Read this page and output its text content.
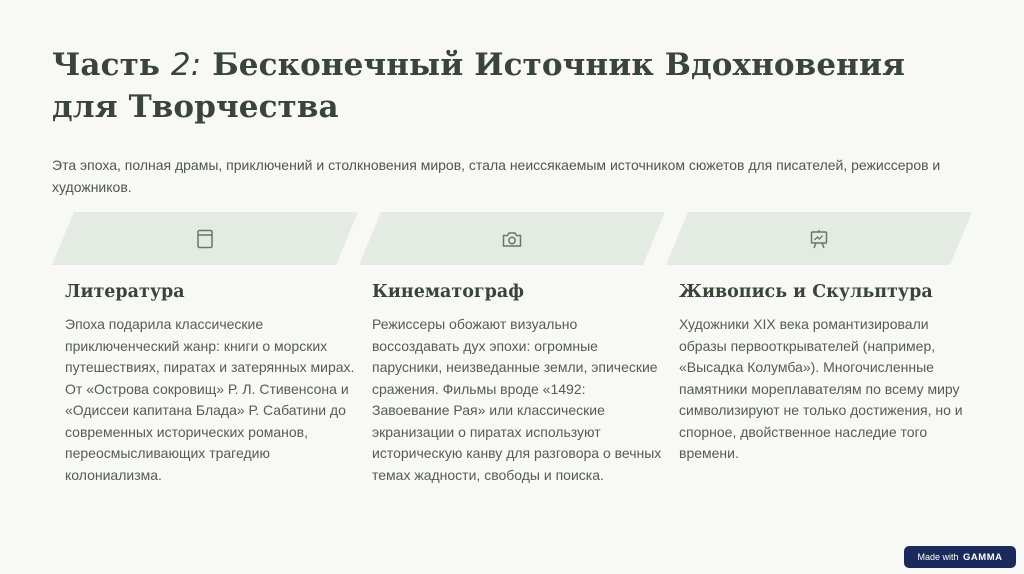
Часть 2: Бесконечный Источник Вдохновения для Творчества

Эта эпоха, полная драмы, приключений и столкновения миров, стала неиссякаемым источником сюжетов для писателей, режиссеров и художников.

Литература

Эпоха подарила классические приключенческий жанр: книги о морских путешествиях, пиратах и затерянных мирах. От «Острова сокровищ» Р. Л. Стивенсона и «Одиссеи капитана Блада» Р. Сабатини до современных исторических романов, переосмысливающих трагедию колониализма.

Кинематограф

Режиссеры обожают визуально воссоздавать дух эпохи: огромные парусники, неизведанные земли, эпические сражения. Фильмы вроде «1492: Завоевание Рая» или классические экранизации о пиратах используют историческую канву для разговора о вечных темах жадности, свободы и поиска.

Живопись и Скульптура

Художники XIX века романтизировали образы первооткрывателей (например, «Высадка Колумба»). Многочисленные памятники мореплавателям по всему миру символизируют не только достижения, но и спорное, двойственное наследие того времени.

Made with GAMMA
